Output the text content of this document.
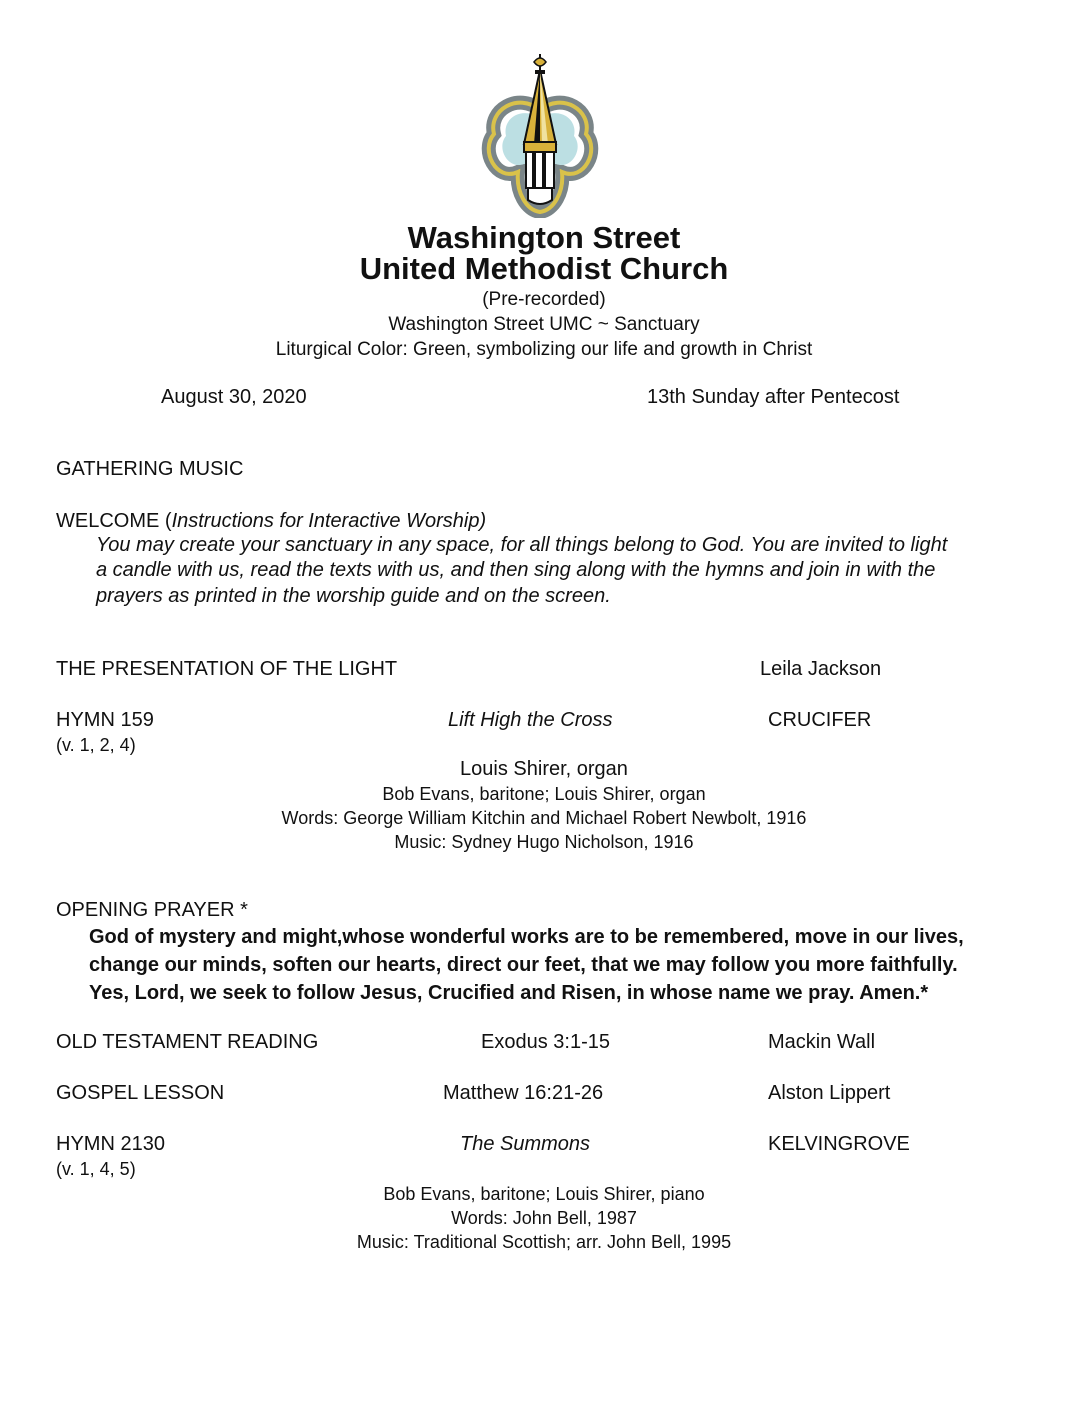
Washington Street
United Methodist Church
(Pre-recorded)
Washington Street UMC ~ Sanctuary
Liturgical Color: Green, symbolizing our life and growth in Christ
August 30, 2020	13th Sunday after Pentecost
GATHERING MUSIC
WELCOME (Instructions for Interactive Worship)
You may create your sanctuary in any space, for all things belong to God. You are invited to light
a candle with us, read the texts with us, and then sing along with the hymns and join in with the
prayers as printed in the worship guide and on the screen.
THE PRESENTATION OF THE LIGHT	Leila Jackson
HYMN 159	Lift High the Cross	CRUCIFER
(v. 1, 2, 4)
Louis Shirer, organ
Bob Evans, baritone; Louis Shirer, organ
Words: George William Kitchin and Michael Robert Newbolt, 1916
Music: Sydney Hugo Nicholson, 1916
OPENING PRAYER *
God of mystery and might,whose wonderful works are to be remembered, move in our lives,
change our minds, soften our hearts, direct our feet, that we may follow you more faithfully.
Yes, Lord, we seek to follow Jesus, Crucified and Risen, in whose name we pray. Amen.*
OLD TESTAMENT READING	Exodus 3:1-15	Mackin Wall
GOSPEL LESSON	Matthew 16:21-26	Alston Lippert
HYMN 2130	The Summons	KELVINGROVE
(v. 1, 4, 5)
Bob Evans, baritone; Louis Shirer, piano
Words: John Bell, 1987
Music: Traditional Scottish; arr. John Bell, 1995
